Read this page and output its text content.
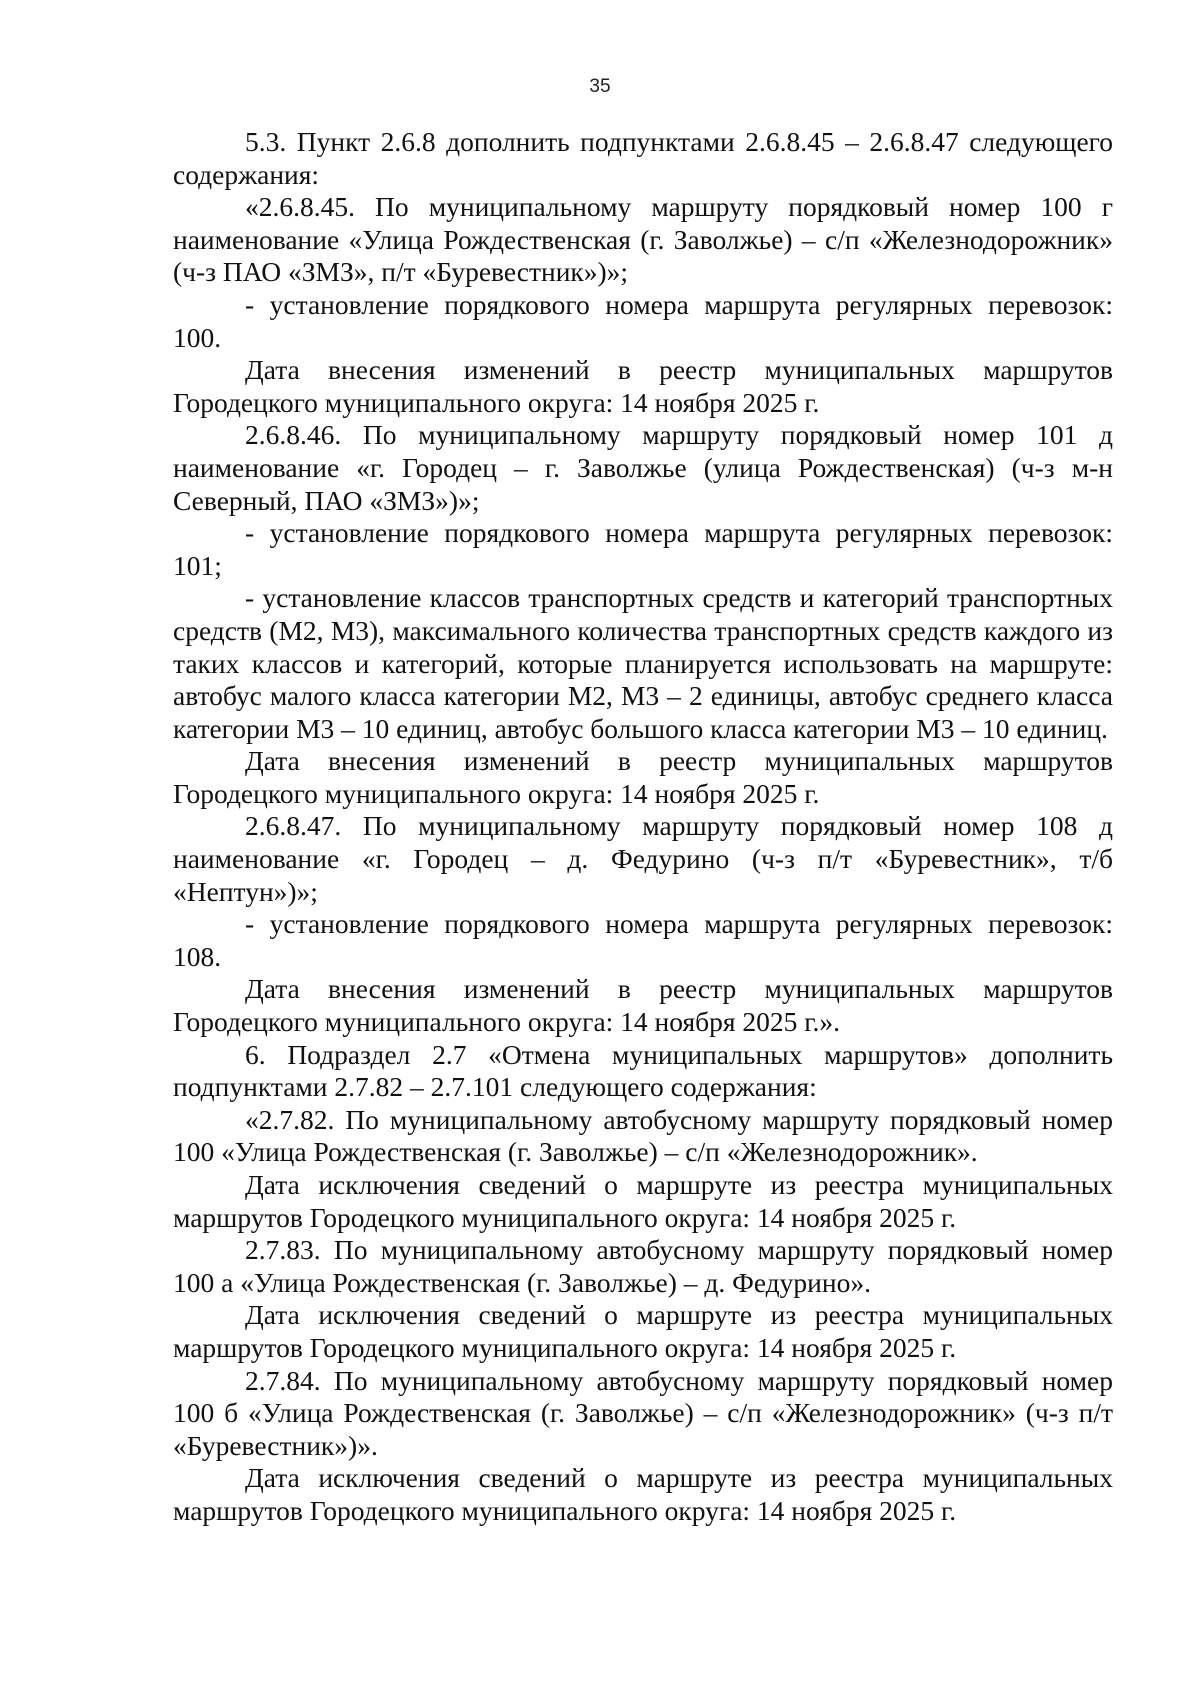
35

5.3. Пункт 2.6.8 дополнить подпунктами 2.6.8.45 – 2.6.8.47 следующего содержания:

«2.6.8.45. По муниципальному маршруту порядковый номер 100 г наименование «Улица Рождественская (г. Заволжье) – с/п «Железнодорожник» (ч-з ПАО «ЗМЗ», п/т «Буревестник»)»;

- установление порядкового номера маршрута регулярных перевозок: 100.

Дата внесения изменений в реестр муниципальных маршрутов Городецкого муниципального округа: 14 ноября 2025 г.

2.6.8.46. По муниципальному маршруту порядковый номер 101 д наименование «г. Городец – г. Заволжье (улица Рождественская) (ч-з м-н Северный, ПАО «ЗМЗ»)»;

- установление порядкового номера маршрута регулярных перевозок: 101;

- установление классов транспортных средств и категорий транспортных средств (М2, М3), максимального количества транспортных средств каждого из таких классов и категорий, которые планируется использовать на маршруте: автобус малого класса категории М2, М3 – 2 единицы, автобус среднего класса категории М3 – 10 единиц, автобус большого класса категории М3 – 10 единиц.

Дата внесения изменений в реестр муниципальных маршрутов Городецкого муниципального округа: 14 ноября 2025 г.

2.6.8.47. По муниципальному маршруту порядковый номер 108 д наименование «г. Городец – д. Федурино (ч-з п/т «Буревестник», т/б «Нептун»)»;

- установление порядкового номера маршрута регулярных перевозок: 108.

Дата внесения изменений в реестр муниципальных маршрутов Городецкого муниципального округа: 14 ноября 2025 г.».

6. Подраздел 2.7 «Отмена муниципальных маршрутов» дополнить подпунктами 2.7.82 – 2.7.101 следующего содержания:

«2.7.82. По муниципальному автобусному маршруту порядковый номер 100 «Улица Рождественская (г. Заволжье) – с/п «Железнодорожник».

Дата исключения сведений о маршруте из реестра муниципальных маршрутов Городецкого муниципального округа: 14 ноября 2025 г.

2.7.83. По муниципальному автобусному маршруту порядковый номер 100 а «Улица Рождественская (г. Заволжье) – д. Федурино».

Дата исключения сведений о маршруте из реестра муниципальных маршрутов Городецкого муниципального округа: 14 ноября 2025 г.

2.7.84. По муниципальному автобусному маршруту порядковый номер 100 б «Улица Рождественская (г. Заволжье) – с/п «Железнодорожник» (ч-з п/т «Буревестник»)».

Дата исключения сведений о маршруте из реестра муниципальных маршрутов Городецкого муниципального округа: 14 ноября 2025 г.
